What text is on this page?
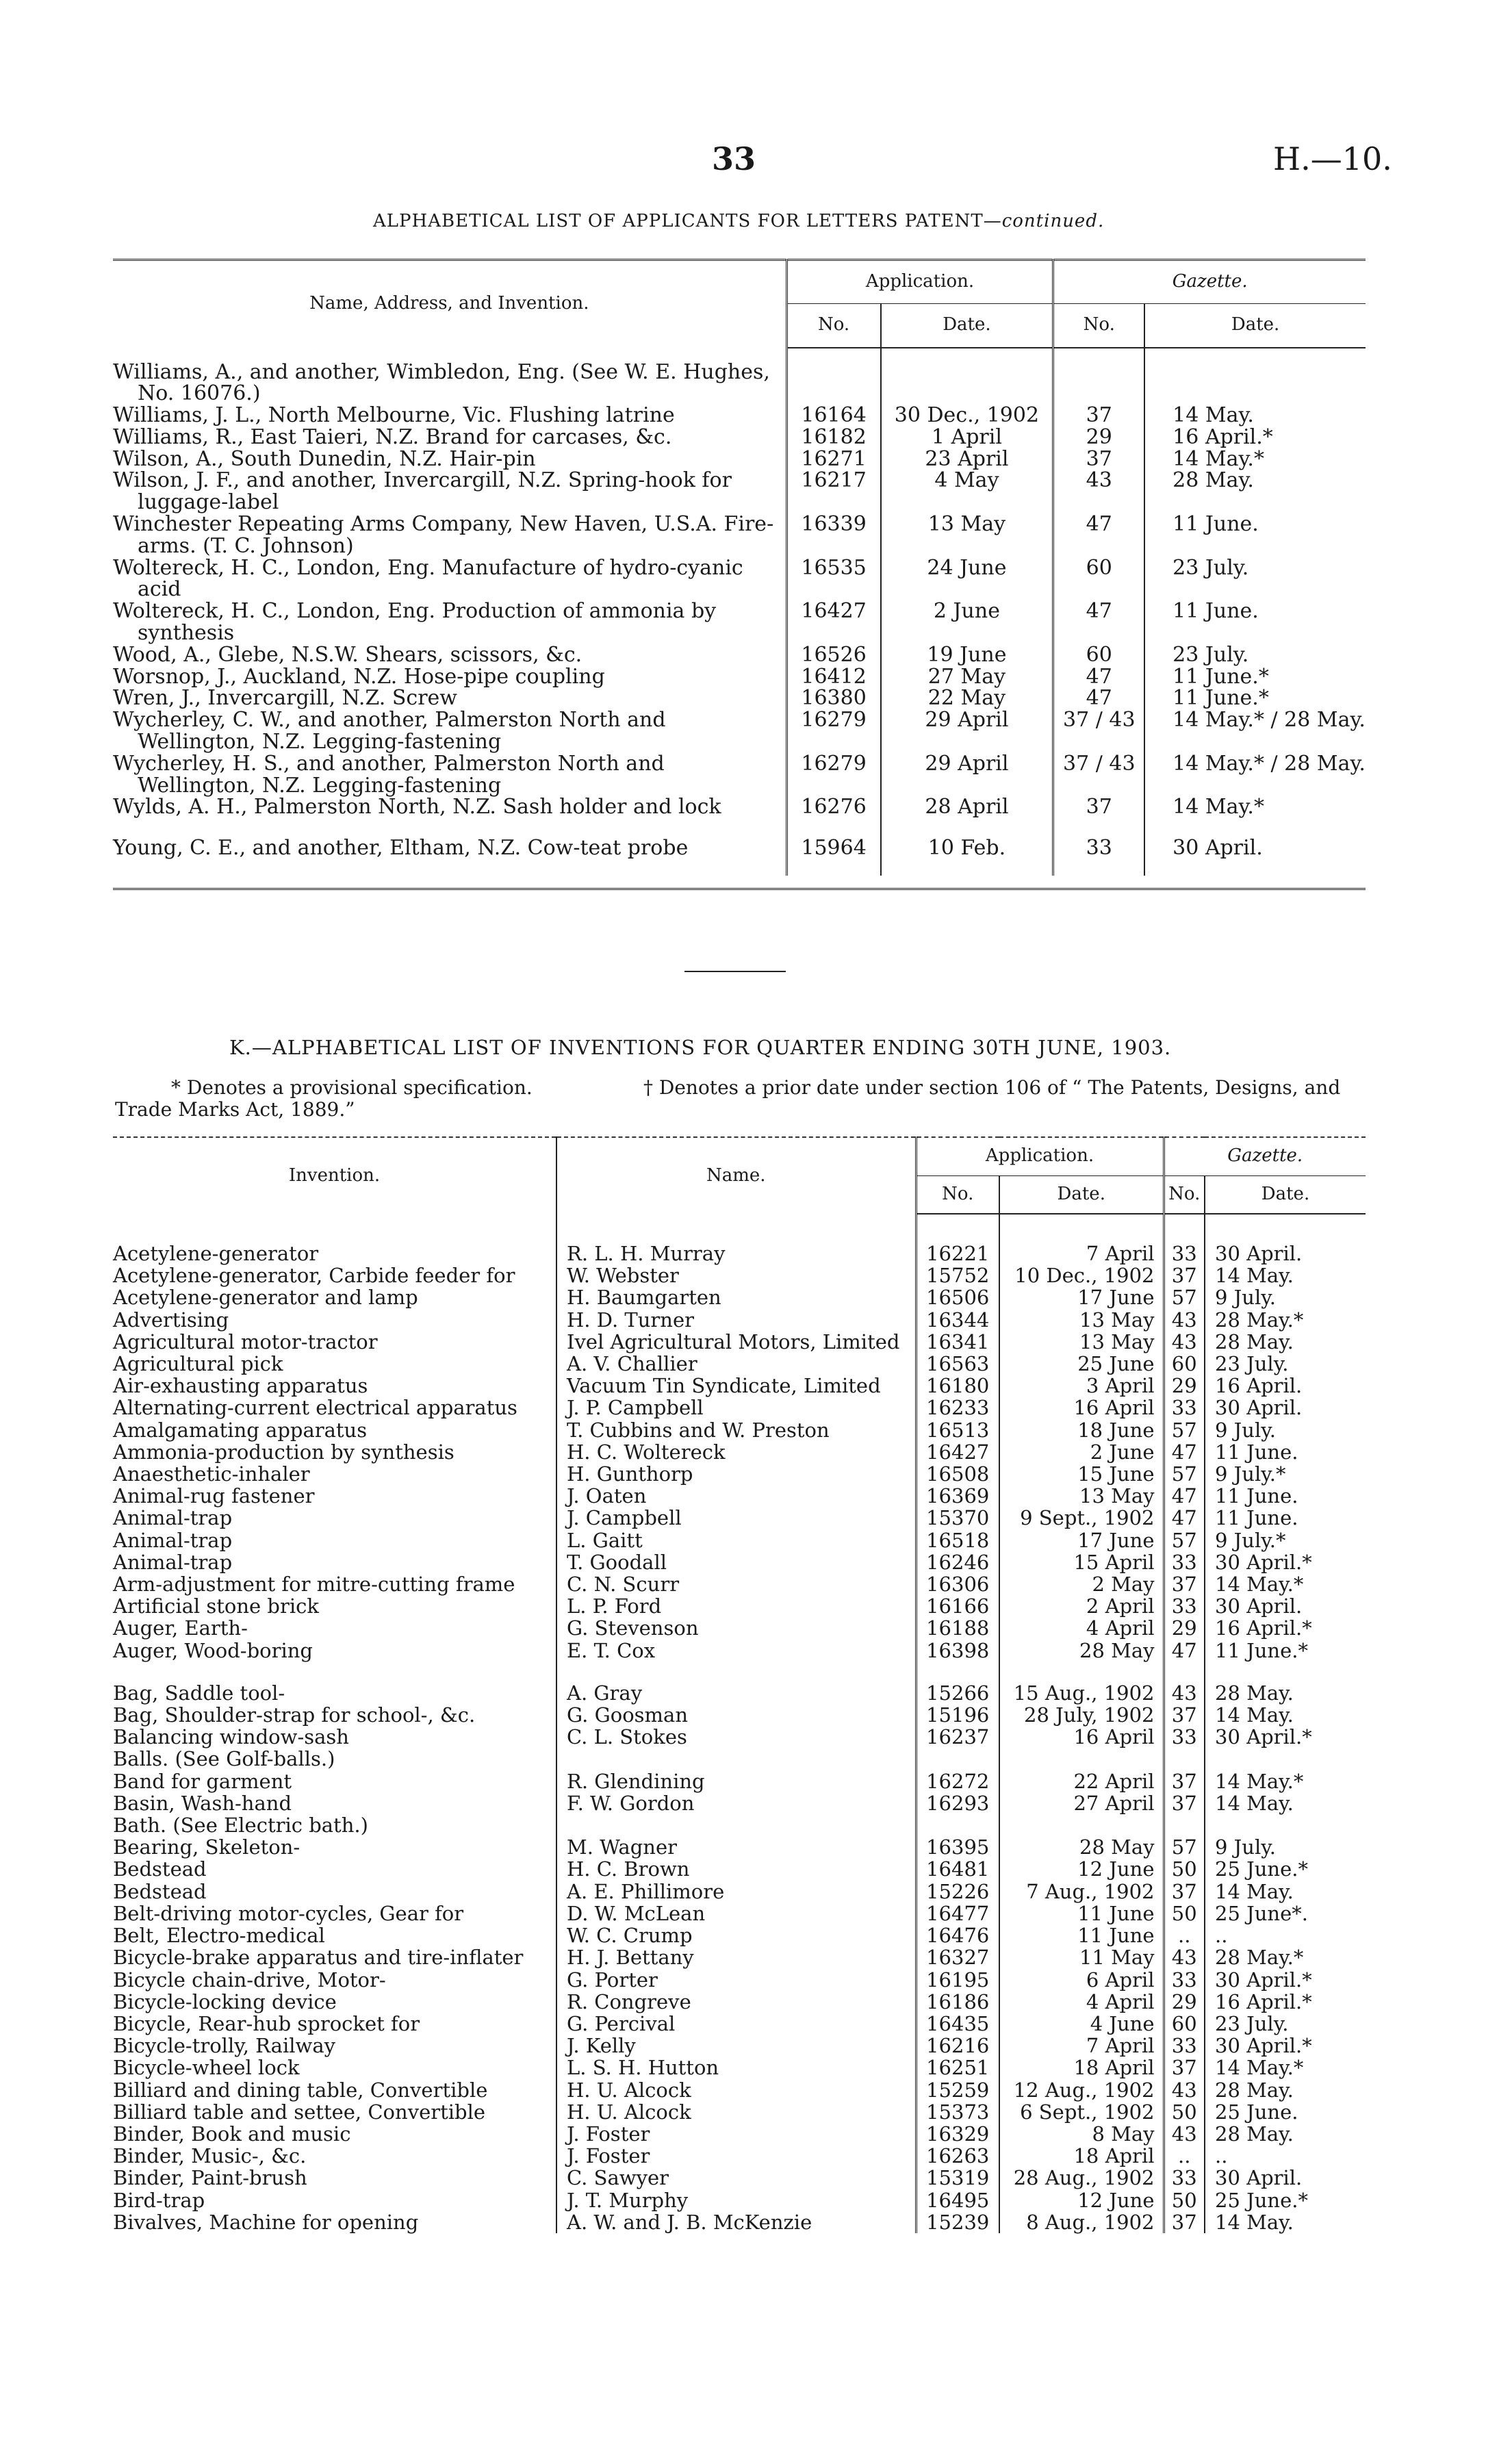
33	H.—10.
ALPHABETICAL LIST OF APPLICANTS FOR LETTERS PATENT—continued.
Name, Address, and Invention.	Application.		Gazette.	
	No.	Date.	No.	Date.

Williams, A., and another, Wimbledon, Eng. (See W. E. Hughes, No. 16076.)				
Williams, J. L., North Melbourne, Vic. Flushing latrine	16164	30 Dec., 1902	37	14 May.
Williams, R., East Taieri, N.Z. Brand for carcases, &c.	16182	1 April	29	16 April.*
Wilson, A., South Dunedin, N.Z. Hair-pin	16271	23 April	37	14 May.*
Wilson, J. F., and another, Invercargill, N.Z. Spring-hook for luggage-label	16217	4 May	43	28 May.
Winchester Repeating Arms Company, New Haven, U.S.A. Fire-arms. (T. C. Johnson)	16339	13 May	47	11 June.
Woltereck, H. C., London, Eng. Manufacture of hydro-cyanic acid	16535	24 June	60	23 July.
Woltereck, H. C., London, Eng. Production of ammonia by synthesis	16427	2 June	47	11 June.
Wood, A., Glebe, N.S.W. Shears, scissors, &c.	16526	19 June	60	23 July.
Worsnop, J., Auckland, N.Z. Hose-pipe coupling	16412	27 May	47	11 June.*
Wren, J., Invercargill, N.Z. Screw	16380	22 May	47	11 June.*
Wycherley, C. W., and another, Palmerston North and Wellington, N.Z. Legging-fastening	16279	29 April	37 / 43	14 May.* / 28 May.
Wycherley, H. S., and another, Palmerston North and Wellington, N.Z. Legging-fastening	16279	29 April	37 / 43	14 May.* / 28 May.
Wylds, A. H., Palmerston North, N.Z. Sash holder and lock	16276	28 April	37	14 May.*

Young, C. E., and another, Eltham, N.Z. Cow-teat probe	15964	10 Feb.	33	30 April.

K.—ALPHABETICAL LIST OF INVENTIONS FOR QUARTER ENDING 30TH JUNE, 1903.
* Denotes a provisional specification.	† Denotes a prior date under section 106 of “ The Patents, Designs, and
Trade Marks Act, 1889.”
Invention.	Name.	Application.		Gazette.	
		No.	Date.	No.	Date.

Acetylene-generator	R. L. H. Murray	16221	7 April	33	30 April.
Acetylene-generator, Carbide feeder for	W. Webster	15752	10 Dec., 1902	37	14 May.
Acetylene-generator and lamp	H. Baumgarten	16506	17 June	57	9 July.
Advertising	H. D. Turner	16344	13 May	43	28 May.*
Agricultural motor-tractor	Ivel Agricultural Motors, Limited	16341	13 May	43	28 May.
Agricultural pick	A. V. Challier	16563	25 June	60	23 July.
Air-exhausting apparatus	Vacuum Tin Syndicate, Limited	16180	3 April	29	16 April.
Alternating-current electrical apparatus	J. P. Campbell	16233	16 April	33	30 April.
Amalgamating apparatus	T. Cubbins and W. Preston	16513	18 June	57	9 July.
Ammonia-production by synthesis	H. C. Woltereck	16427	2 June	47	11 June.
Anaesthetic-inhaler	H. Gunthorp	16508	15 June	57	9 July.*
Animal-rug fastener	J. Oaten	16369	13 May	47	11 June.
Animal-trap	J. Campbell	15370	9 Sept., 1902	47	11 June.
Animal-trap	L. Gaitt	16518	17 June	57	9 July.*
Animal-trap	T. Goodall	16246	15 April	33	30 April.*
Arm-adjustment for mitre-cutting frame	C. N. Scurr	16306	2 May	37	14 May.*
Artificial stone brick	L. P. Ford	16166	2 April	33	30 April.
Auger, Earth-	G. Stevenson	16188	4 April	29	16 April.*
Auger, Wood-boring	E. T. Cox	16398	28 May	47	11 June.*

Bag, Saddle tool-	A. Gray	15266	15 Aug., 1902	43	28 May.
Bag, Shoulder-strap for school-, &c.	G. Goosman	15196	28 July, 1902	37	14 May.
Balancing window-sash	C. L. Stokes	16237	16 April	33	30 April.*
Balls. (See Golf-balls.)					
Band for garment	R. Glendining	16272	22 April	37	14 May.*
Basin, Wash-hand	F. W. Gordon	16293	27 April	37	14 May.
Bath. (See Electric bath.)					
Bearing, Skeleton-	M. Wagner	16395	28 May	57	9 July.
Bedstead	H. C. Brown	16481	12 June	50	25 June.*
Bedstead	A. E. Phillimore	15226	7 Aug., 1902	37	14 May.
Belt-driving motor-cycles, Gear for	D. W. McLean	16477	11 June	50	25 June*.
Belt, Electro-medical	W. C. Crump	16476	11 June	..	..
Bicycle-brake apparatus and tire-inflater	H. J. Bettany	16327	11 May	43	28 May.*
Bicycle chain-drive, Motor-	G. Porter	16195	6 April	33	30 April.*
Bicycle-locking device	R. Congreve	16186	4 April	29	16 April.*
Bicycle, Rear-hub sprocket for	G. Percival	16435	4 June	60	23 July.
Bicycle-trolly, Railway	J. Kelly	16216	7 April	33	30 April.*
Bicycle-wheel lock	L. S. H. Hutton	16251	18 April	37	14 May.*
Billiard and dining table, Convertible	H. U. Alcock	15259	12 Aug., 1902	43	28 May.
Billiard table and settee, Convertible	H. U. Alcock	15373	6 Sept., 1902	50	25 June.
Binder, Book and music	J. Foster	16329	8 May	43	28 May.
Binder, Music-, &c.	J. Foster	16263	18 April	..	..
Binder, Paint-brush	C. Sawyer	15319	28 Aug., 1902	33	30 April.
Bird-trap	J. T. Murphy	16495	12 June	50	25 June.*
Bivalves, Machine for opening	A. W. and J. B. McKenzie	15239	8 Aug., 1902	37	14 May.
